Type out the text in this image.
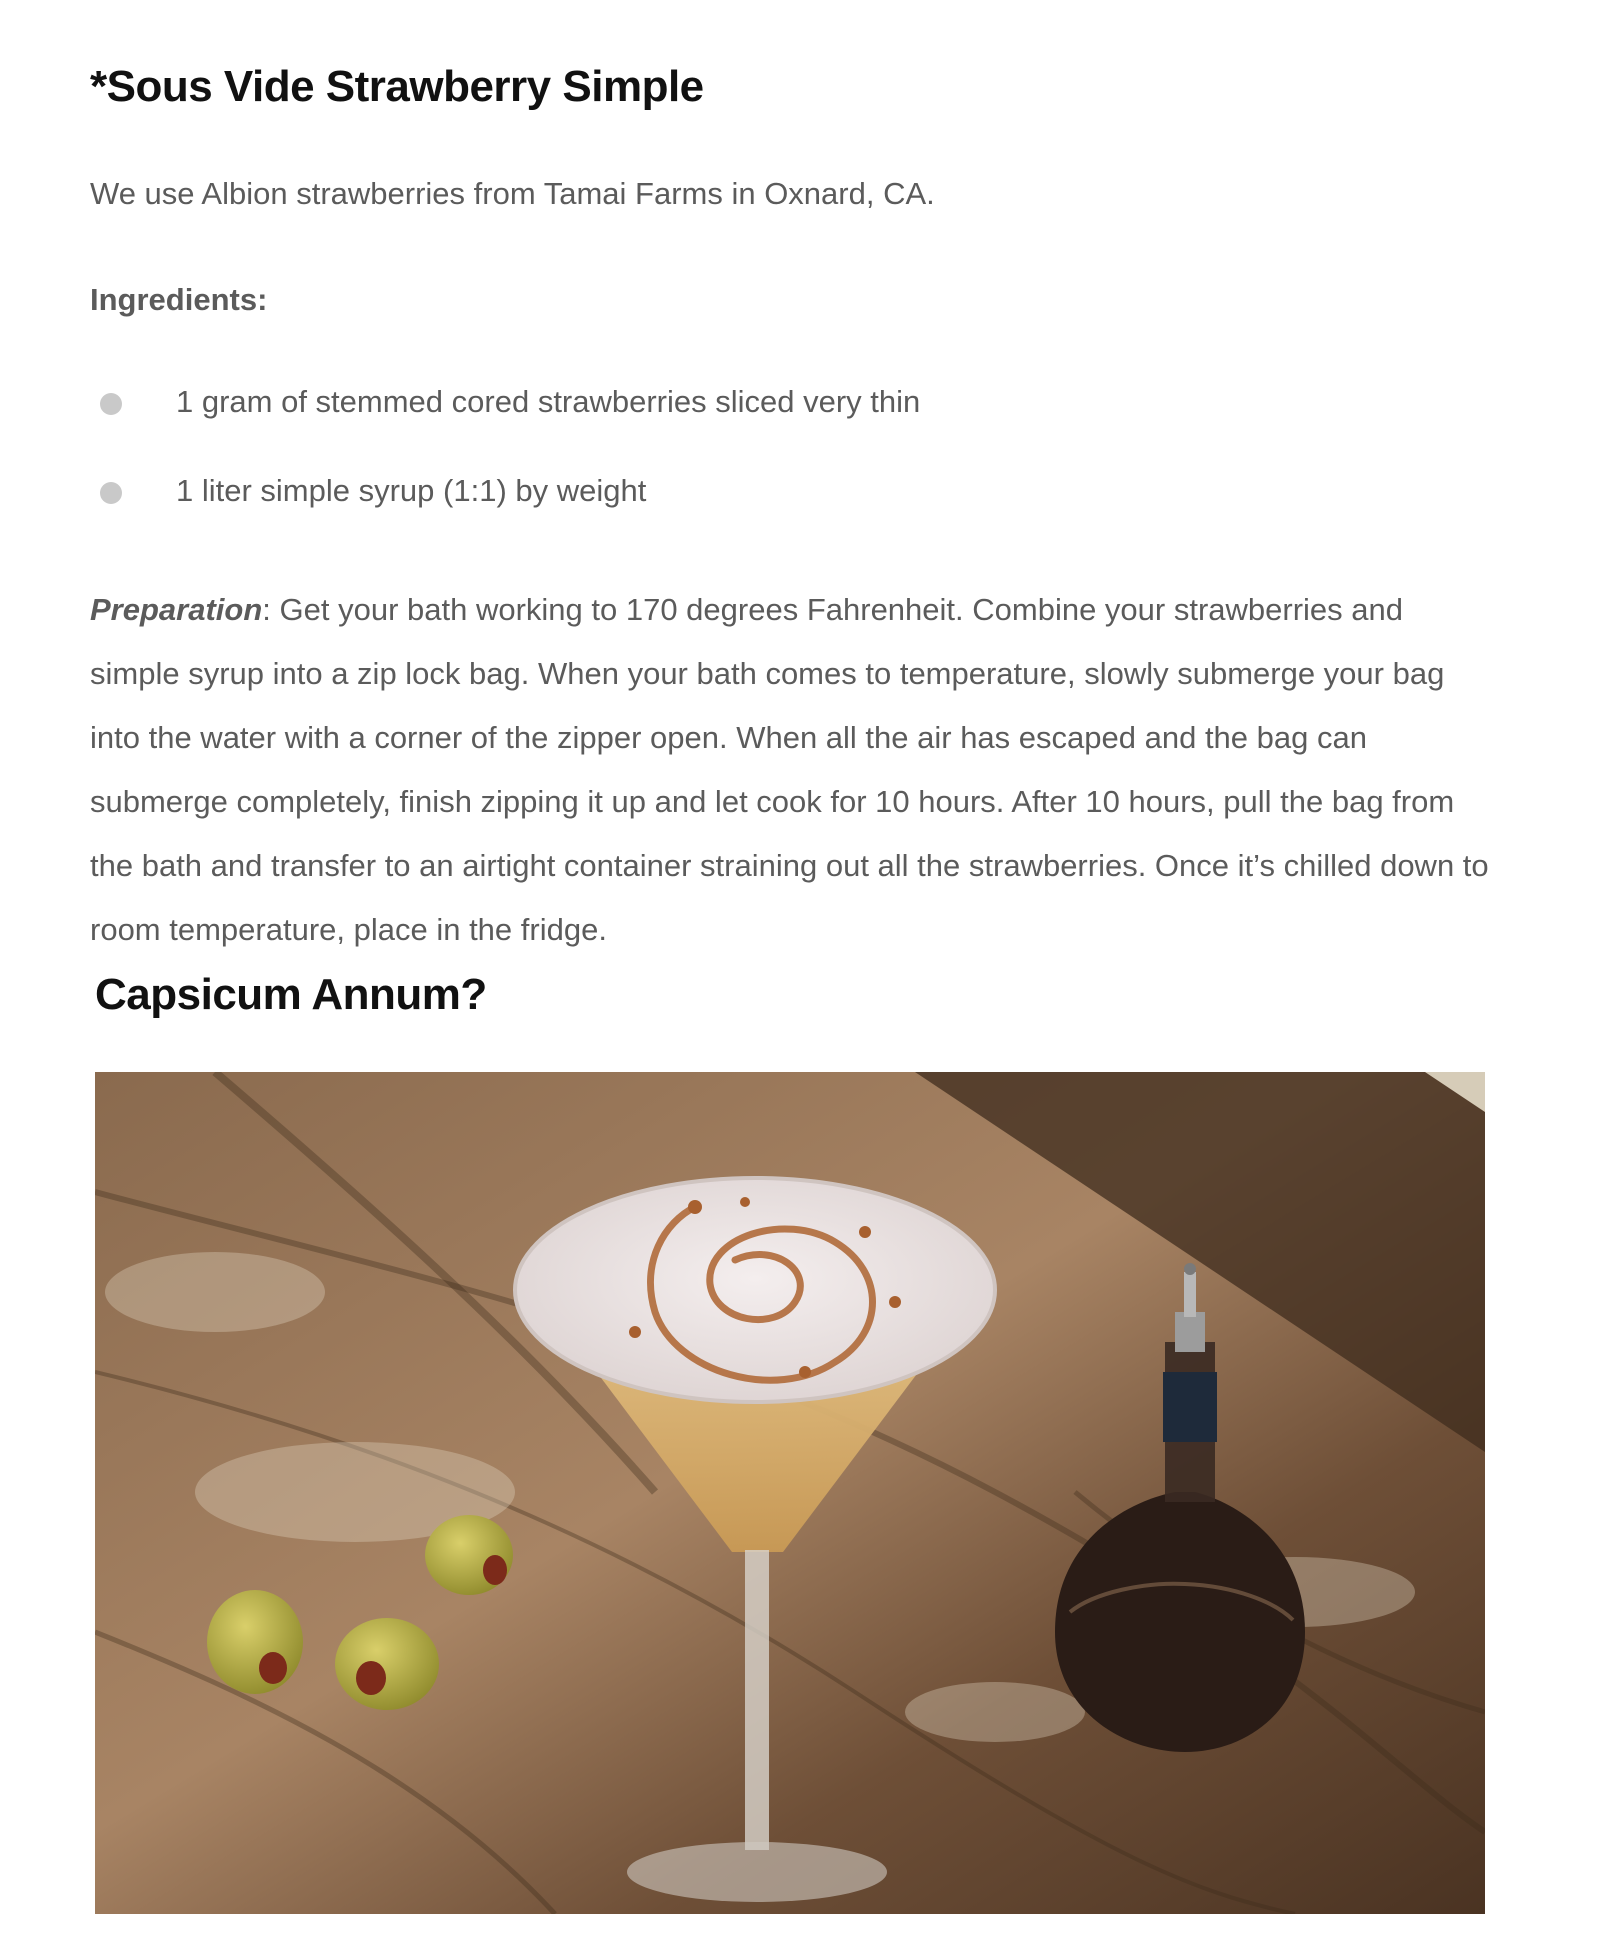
*Sous Vide Strawberry Simple

We use Albion strawberries from Tamai Farms in Oxnard, CA.

Ingredients:

1 gram of stemmed cored strawberries sliced very thin
1 liter simple syrup (1:1) by weight

Preparation: Get your bath working to 170 degrees Fahrenheit. Combine your strawberries and simple syrup into a zip lock bag. When your bath comes to temperature, slowly submerge your bag into the water with a corner of the zipper open. When all the air has escaped and the bag can submerge completely, finish zipping it up and let cook for 10 hours. After 10 hours, pull the bag from the bath and transfer to an airtight container straining out all the strawberries. Once it’s chilled down to room temperature, place in the fridge.

Capsicum Annum?
